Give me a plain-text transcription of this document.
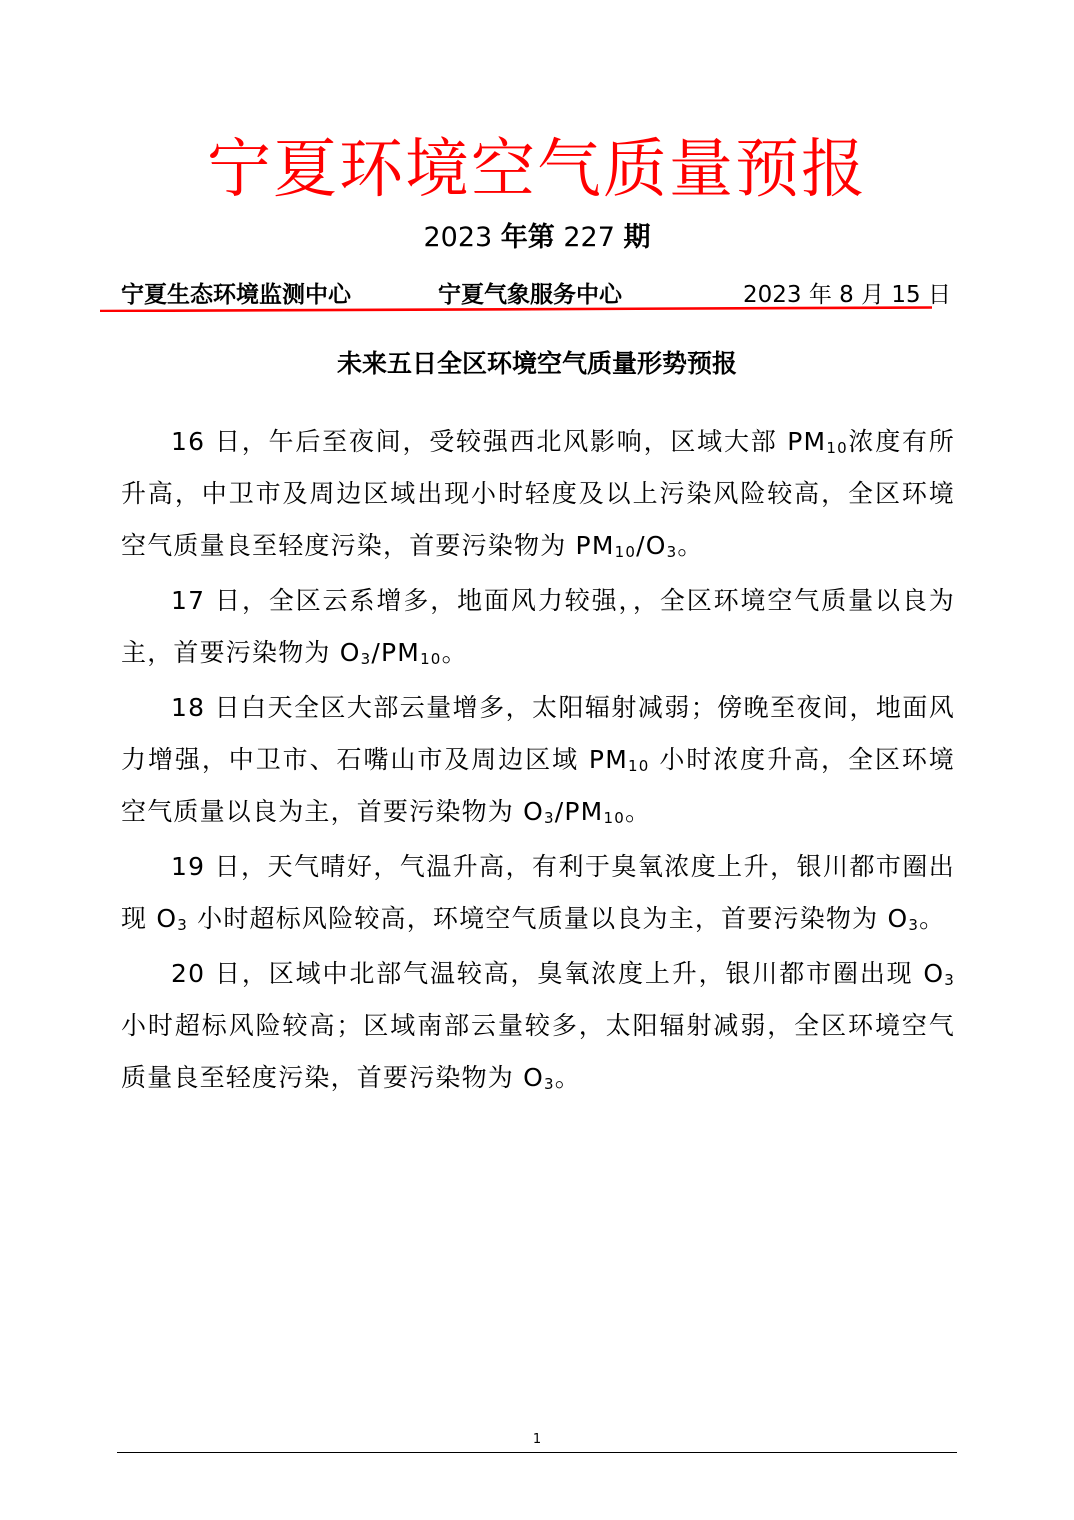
宁夏环境空气质量预报
2023 年第 227 期
宁夏生态环境监测中心	宁夏气象服务中心	2023 年 8 月 15 日
未来五日全区环境空气质量形势预报

16 日，午后至夜间，受较强西北风影响，区域大部 $PM_{10}$浓度有所升高，中卫市及周边区域出现小时轻度及以上污染风险较高，全区环境空气质量良至轻度污染，首要污染物为 $PM_{10}/O_3$。

17 日，全区云系增多，地面风力较强，，全区环境空气质量以良为主，首要污染物为 $O_3/PM_{10}$。

18 日白天全区大部云量增多，太阳辐射减弱；傍晚至夜间，地面风力增强，中卫市、石嘴山市及周边区域 $PM_{10}$ 小时浓度升高，全区环境空气质量以良为主，首要污染物为 $O_3/PM_{10}$。

19 日，天气晴好，气温升高，有利于臭氧浓度上升，银川都市圈出现 $O_3$ 小时超标风险较高，环境空气质量以良为主，首要污染物为 $O_3$。

20 日，区域中北部气温较高，臭氧浓度上升，银川都市圈出现 $O_3$小时超标风险较高；区域南部云量较多，太阳辐射减弱，全区环境空气质量良至轻度污染，首要污染物为 $O_3$。

1
